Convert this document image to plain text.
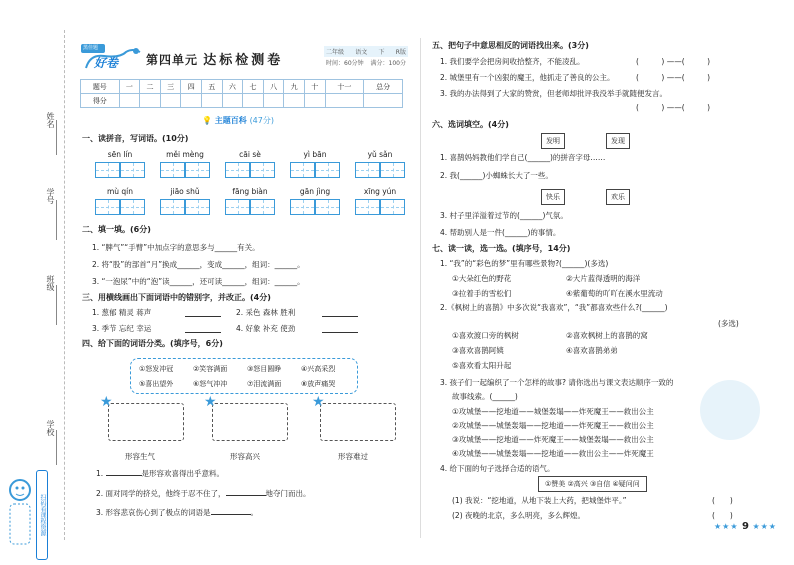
姓名
学号
班级
学校
扫码看课程资源
黑佳题
好卷 第四单元 达标检测卷
二年级 语文 下 R版
时间：60分钟 满分：100分
题号	一	二	三	四	五	六	七	八	九	十	十一	总分
得分												
💡 主题百科 (47分)
一、读拼音，写词语。(10分)
sēn lín	měi mèng	cāi sè	yì bān	yǔ sǎn
mù qín	jiāo shǔ	fāng biàn	gān jìng	xīng yún
二、填一填。(6分)
1. “脾气”“手臂”中加点字的意思多与______有关。
2. 将“股”的部首“月”换成______，变成______，组词：______。
3. “一泡尿”中的“泡”读______，还可读______，组词：______。
三、用横线画出下面词语中的错别字，并改正。(4分)
1. 葱郁 精灵 蒋声	2. 采色 森林 胜利
3. 季节 忘纪 幸运	4. 好象 补充 使劲
四、给下面的词语分类。(填序号，6分)
①怒发冲冠	②笑容满面	③怒目圆睁	④兴高采烈
⑤喜出望外	⑥怒气冲冲	⑦泪流满面	⑧放声痛哭
★	★	★
形容生气	形容高兴	形容难过
1.	是形容欢喜得出乎意料。
2. 面对同学的挤兑，他终于忍不住了，	地夺门而出。
3. 形容悲哀伤心到了极点的词语是	。
五、把句子中意思相反的词语找出来。(3分)
1. 我们要学会把房间收拾整齐，不能凌乱。
2. 城堡里有一个凶狠的魔王，他抓走了善良的公主。
3. 我的办法得到了大家的赞赏，但老师却批评我没举手就随便发言。
(　　　) ——(　　　)
(　　　) ——(　　　)
(　　　) ——(　　　)
六、选词填空。(4分)
发明	发现
1. 喜鹊妈妈教他们学自己(______)的拼音字母……
2. 我(______)小蜘蛛长大了一些。
快乐	欢乐
3. 村子里洋溢着过节的(______)气氛。
4. 帮助别人是一件(______)的事情。
七、读一读，选一选。(填序号，14分)
1. “我”的“彩色的梦”里有哪些景物?(______)(多选)
①大朵红色的野花	②大片蓝得透明的海洋
③拉着手的雪松们	④紫葡萄的吖吖在溪水里流动
2.《枫树上的喜鹊》中多次说“我喜欢”，“我”都喜欢些什么?(______)
(多选)
①喜欢渡口旁的枫树	②喜欢枫树上的喜鹊的窝
③喜欢喜鹊阿姨	④喜欢喜鹊弟弟
⑤喜欢看太阳升起
3. 孩子们一起编织了一个怎样的故事? 请你选出与课文表达顺序一致的
故事线索。(______)
①攻城堡——挖地道——城堡轰塌——炸死魔王——救出公主
②攻城堡——城堡轰塌——挖地道——炸死魔王——救出公主
③攻城堡——挖地道——炸死魔王——城堡轰塌——救出公主
④攻城堡——城堡轰塌——挖地道——救出公主——炸死魔王
4. 给下面的句子选择合适的语气。
①赞美 ②高兴 ③自信 ④疑问问
(1) 我说：“挖地道，从地下装上大药，把城堡炸平。”	(　　)
(2) 夜晚的北京，多么明亮，多么辉煌。	(　　)
★★★ 9 ★★★
